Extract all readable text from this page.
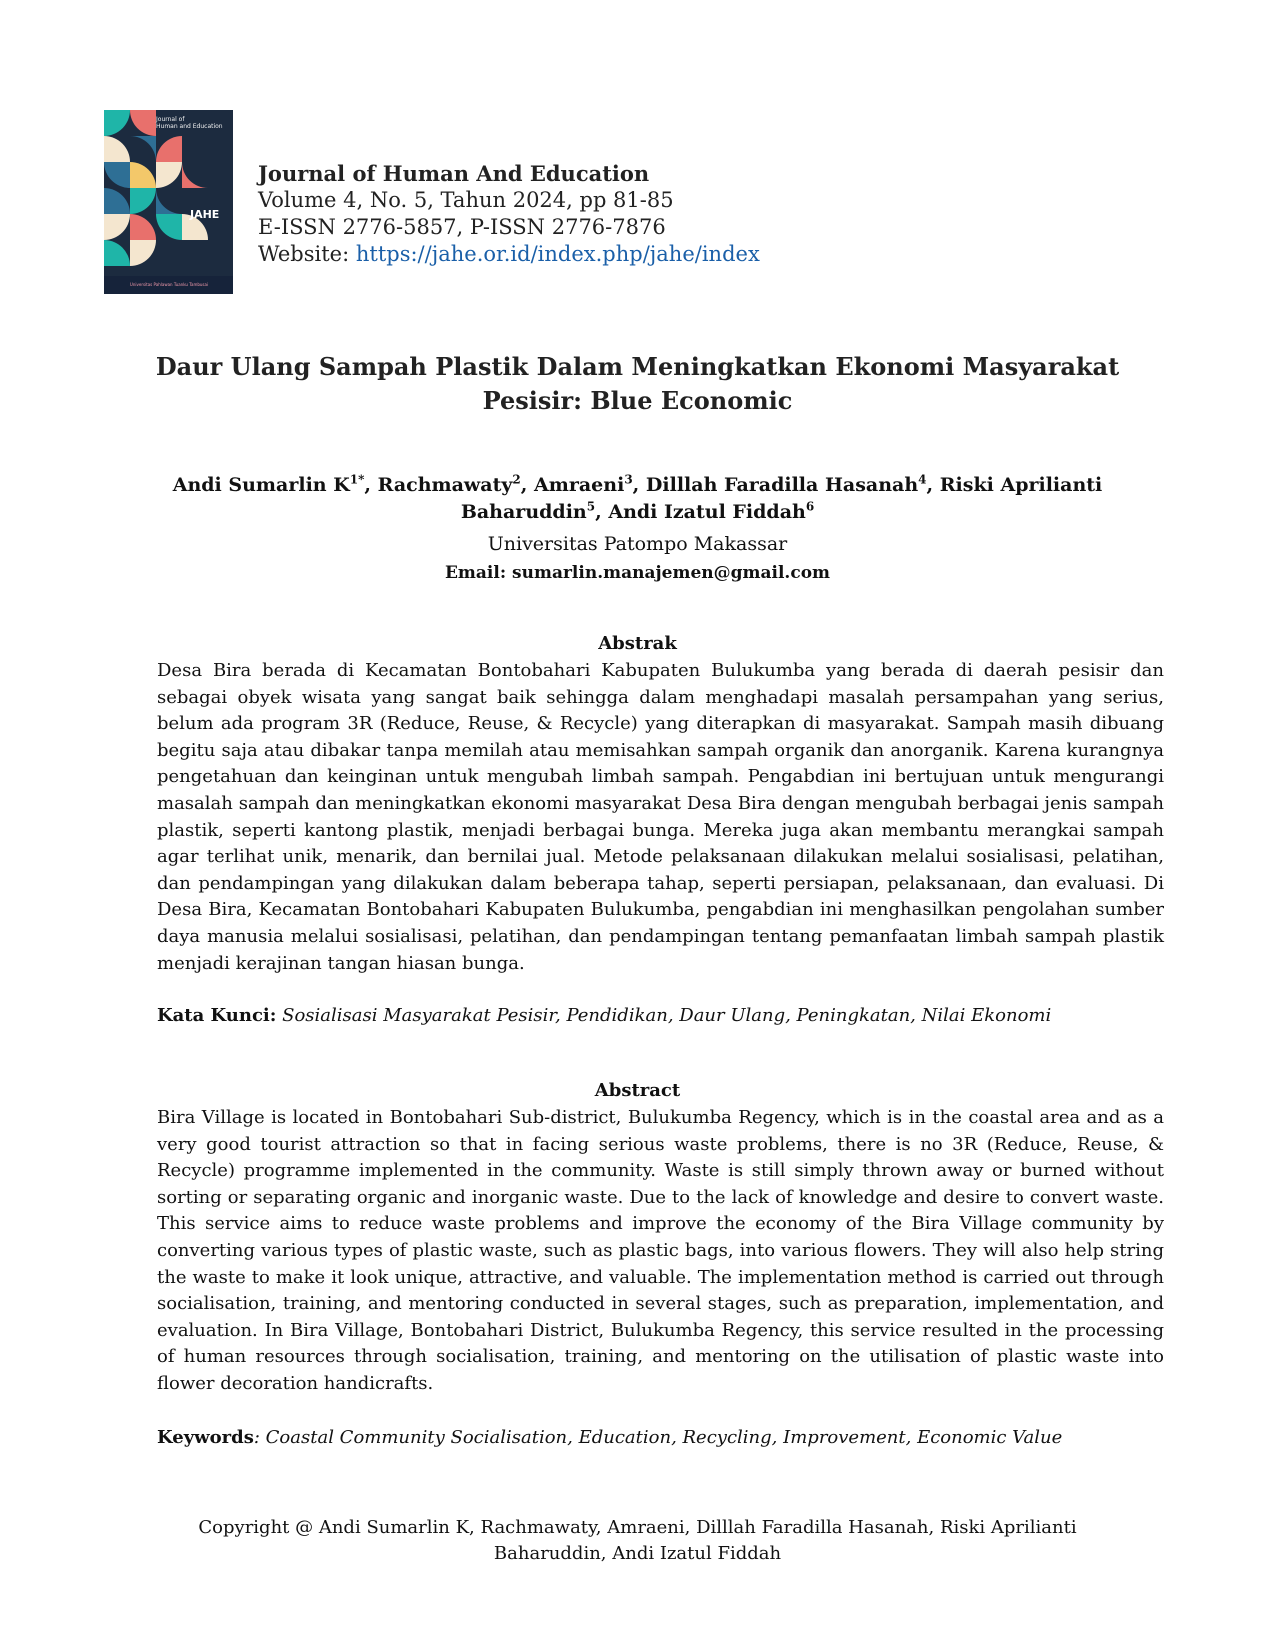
Journal of
Human and Education
JAHE
Universitas Pahlawan Tuanku Tambusai
Journal of Human And Education
Volume 4, No. 5, Tahun 2024, pp 81-85
E-ISSN 2776-5857, P-ISSN 2776-7876
Website: https://jahe.or.id/index.php/jahe/index
Daur Ulang Sampah Plastik Dalam Meningkatkan Ekonomi Masyarakat
Pesisir: Blue Economic
Andi Sumarlin $K^{1*}$, Rachmawaty$^2$, Amraeni$^3$, Dilllah Faradilla Hasanah$^4$, Riski Aprilianti Baharuddin$^5$, Andi Izatul Fiddah$^6$
Universitas Patompo Makassar
Email: sumarlin.manajemen@gmail.com
Abstrak
Desa Bira berada di Kecamatan Bontobahari Kabupaten Bulukumba yang berada di daerah pesisir dan sebagai obyek wisata yang sangat baik sehingga dalam menghadapi masalah persampahan yang serius, belum ada program 3R (Reduce, Reuse, & Recycle) yang diterapkan di masyarakat. Sampah masih dibuang begitu saja atau dibakar tanpa memilah atau memisahkan sampah organik dan anorganik. Karena kurangnya pengetahuan dan keinginan untuk mengubah limbah sampah. Pengabdian ini bertujuan untuk mengurangi masalah sampah dan meningkatkan ekonomi masyarakat Desa Bira dengan mengubah berbagai jenis sampah plastik, seperti kantong plastik, menjadi berbagai bunga. Mereka juga akan membantu merangkai sampah agar terlihat unik, menarik, dan bernilai jual. Metode pelaksanaan dilakukan melalui sosialisasi, pelatihan, dan pendampingan yang dilakukan dalam beberapa tahap, seperti persiapan, pelaksanaan, dan evaluasi. Di Desa Bira, Kecamatan Bontobahari Kabupaten Bulukumba, pengabdian ini menghasilkan pengolahan sumber daya manusia melalui sosialisasi, pelatihan, dan pendampingan tentang pemanfaatan limbah sampah plastik menjadi kerajinan tangan hiasan bunga.
Kata Kunci: Sosialisasi Masyarakat Pesisir, Pendidikan, Daur Ulang, Peningkatan, Nilai Ekonomi
Abstract
Bira Village is located in Bontobahari Sub-district, Bulukumba Regency, which is in the coastal area and as a very good tourist attraction so that in facing serious waste problems, there is no 3R (Reduce, Reuse, & Recycle) programme implemented in the community. Waste is still simply thrown away or burned without sorting or separating organic and inorganic waste. Due to the lack of knowledge and desire to convert waste. This service aims to reduce waste problems and improve the economy of the Bira Village community by converting various types of plastic waste, such as plastic bags, into various flowers. They will also help string the waste to make it look unique, attractive, and valuable. The implementation method is carried out through socialisation, training, and mentoring conducted in several stages, such as preparation, implementation, and evaluation. In Bira Village, Bontobahari District, Bulukumba Regency, this service resulted in the processing of human resources through socialisation, training, and mentoring on the utilisation of plastic waste into flower decoration handicrafts.
Keywords: Coastal Community Socialisation, Education, Recycling, Improvement, Economic Value
Copyright @ Andi Sumarlin K, Rachmawaty, Amraeni, Dilllah Faradilla Hasanah, Riski Aprilianti
Baharuddin, Andi Izatul Fiddah
